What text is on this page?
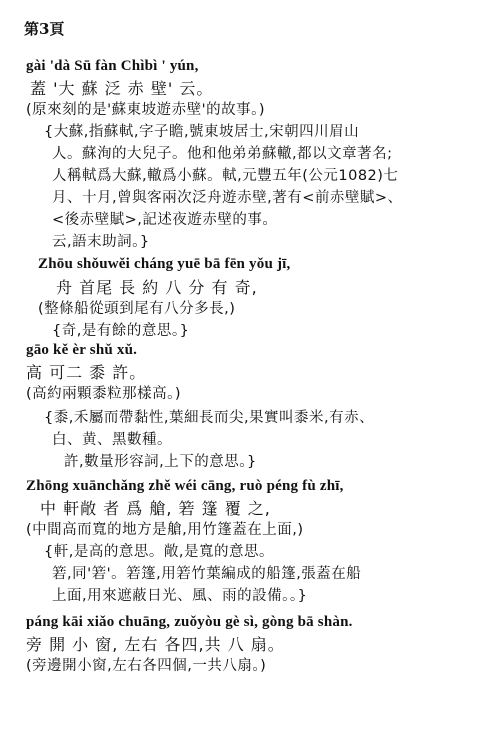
第3頁
gài 'dà Sū fàn Chìbì ' yún,
蓋 '大 蘇 泛 赤 壁' 云。
(原來刻的是'蘇東坡遊赤壁'的故事。)
{大蘇,指蘇軾,字子瞻,號東坡居士,宋朝四川眉山
人。蘇洵的大兒子。他和他弟弟蘇轍,都以文章著名;
人稱軾爲大蘇,轍爲小蘇。軾,元豐五年(公元1082)七
月、十月,曾與客兩次泛舟遊赤壁,著有<前赤壁賦>、
<後赤壁賦>,記述夜遊赤壁的事。
云,語末助詞。}
Zhōu shǒuwěi cháng yuē bā fēn yǒu jī,
舟 首尾 長 約 八 分 有 奇,
(整條船從頭到尾有八分多長,)
{奇,是有餘的意思。}
gāo kě èr shǔ xǔ.
高 可二 黍 許。
(高約兩顆黍粒那樣高。)
{黍,禾屬而帶黏性,葉細長而尖,果實叫黍米,有赤、
白、黄、黑數種。
許,數量形容詞,上下的意思。}
Zhōng xuānchǎng zhě wéi cāng, ruò péng fù zhī,
中 軒敞 者 爲 艙, 箬 篷 覆 之,
(中間高而寬的地方是艙,用竹篷蓋在上面,)
{軒,是高的意思。敞,是寬的意思。
箬,同'箬'。箬篷,用箬竹葉編成的船篷,張蓋在船
上面,用來遮蔽日光、風、雨的設備。。}
páng kāi xiǎo chuāng, zuǒyòu gè sì, gòng bā shàn.
旁 開 小 窗, 左右 各四,共 八 扇。
(旁邊開小窗,左右各四個,一共八扇。)
